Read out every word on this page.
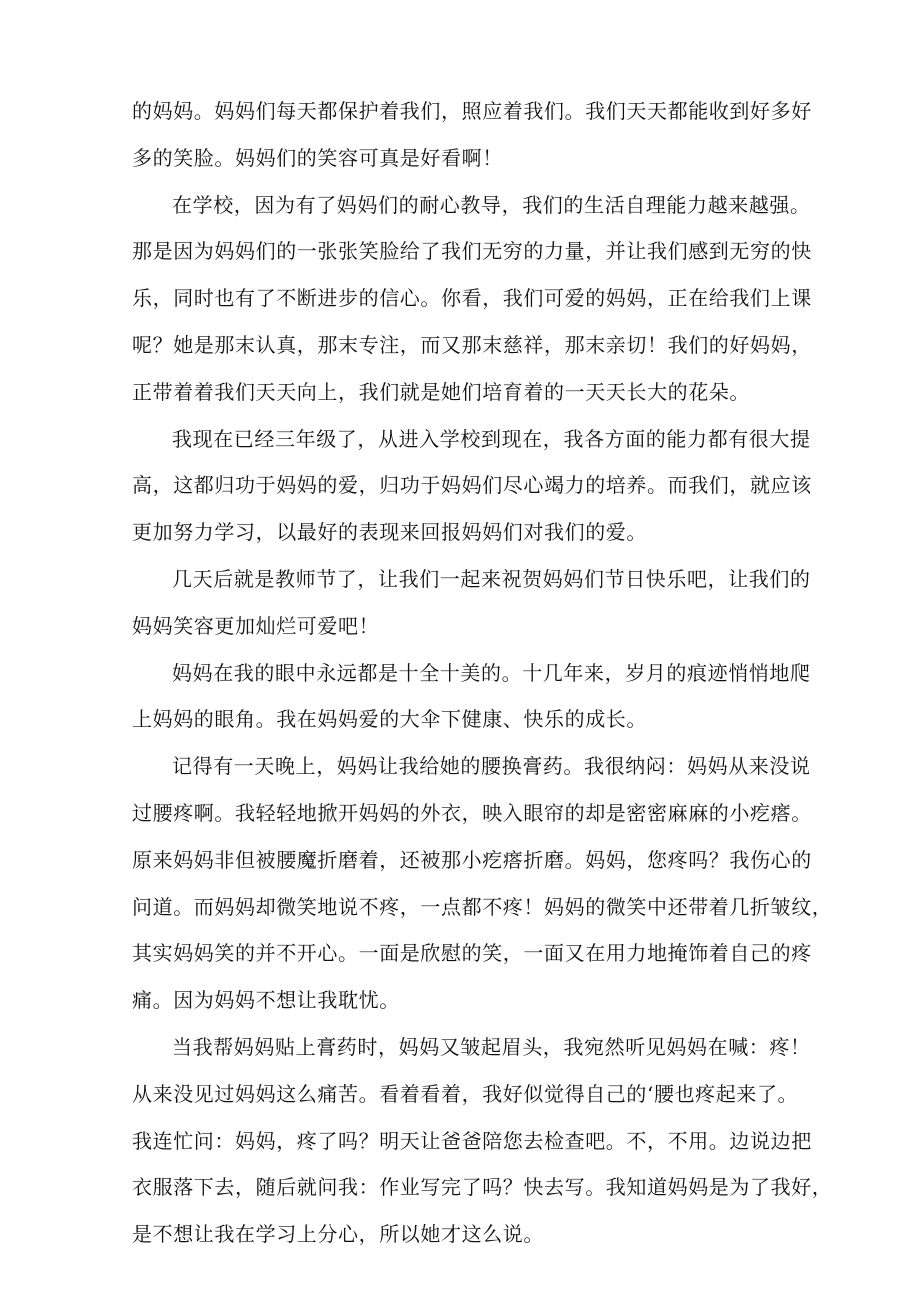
的妈妈。妈妈们每天都保护着我们，照应着我们。我们天天都能收到好多好
多的笑脸。妈妈们的笑容可真是好看啊！
在学校，因为有了妈妈们的耐心教导，我们的生活自理能力越来越强。
那是因为妈妈们的一张张笑脸给了我们无穷的力量，并让我们感到无穷的快
乐，同时也有了不断进步的信心。你看，我们可爱的妈妈，正在给我们上课
呢？她是那末认真，那末专注，而又那末慈祥，那末亲切！我们的好妈妈，
正带着着我们天天向上，我们就是她们培育着的一天天长大的花朵。
我现在已经三年级了，从进入学校到现在，我各方面的能力都有很大提
高，这都归功于妈妈的爱，归功于妈妈们尽心竭力的培养。而我们，就应该
更加努力学习，以最好的表现来回报妈妈们对我们的爱。
几天后就是教师节了，让我们一起来祝贺妈妈们节日快乐吧，让我们的
妈妈笑容更加灿烂可爱吧！
妈妈在我的眼中永远都是十全十美的。十几年来，岁月的痕迹悄悄地爬
上妈妈的眼角。我在妈妈爱的大伞下健康、快乐的成长。
记得有一天晚上，妈妈让我给她的腰换膏药。我很纳闷：妈妈从来没说
过腰疼啊。我轻轻地掀开妈妈的外衣，映入眼帘的却是密密麻麻的小疙瘩。
原来妈妈非但被腰魔折磨着，还被那小疙瘩折磨。妈妈，您疼吗？我伤心的
问道。而妈妈却微笑地说不疼，一点都不疼！妈妈的微笑中还带着几折皱纹，
其实妈妈笑的并不开心。一面是欣慰的笑，一面又在用力地掩饰着自己的疼
痛。因为妈妈不想让我耽忧。
当我帮妈妈贴上膏药时，妈妈又皱起眉头，我宛然听见妈妈在喊：疼！
从来没见过妈妈这么痛苦。看着看着，我好似觉得自己的‘腰也疼起来了。
我连忙问：妈妈，疼了吗？明天让爸爸陪您去检查吧。不，不用。边说边把
衣服落下去，随后就问我：作业写完了吗？快去写。我知道妈妈是为了我好，
是不想让我在学习上分心，所以她才这么说。
